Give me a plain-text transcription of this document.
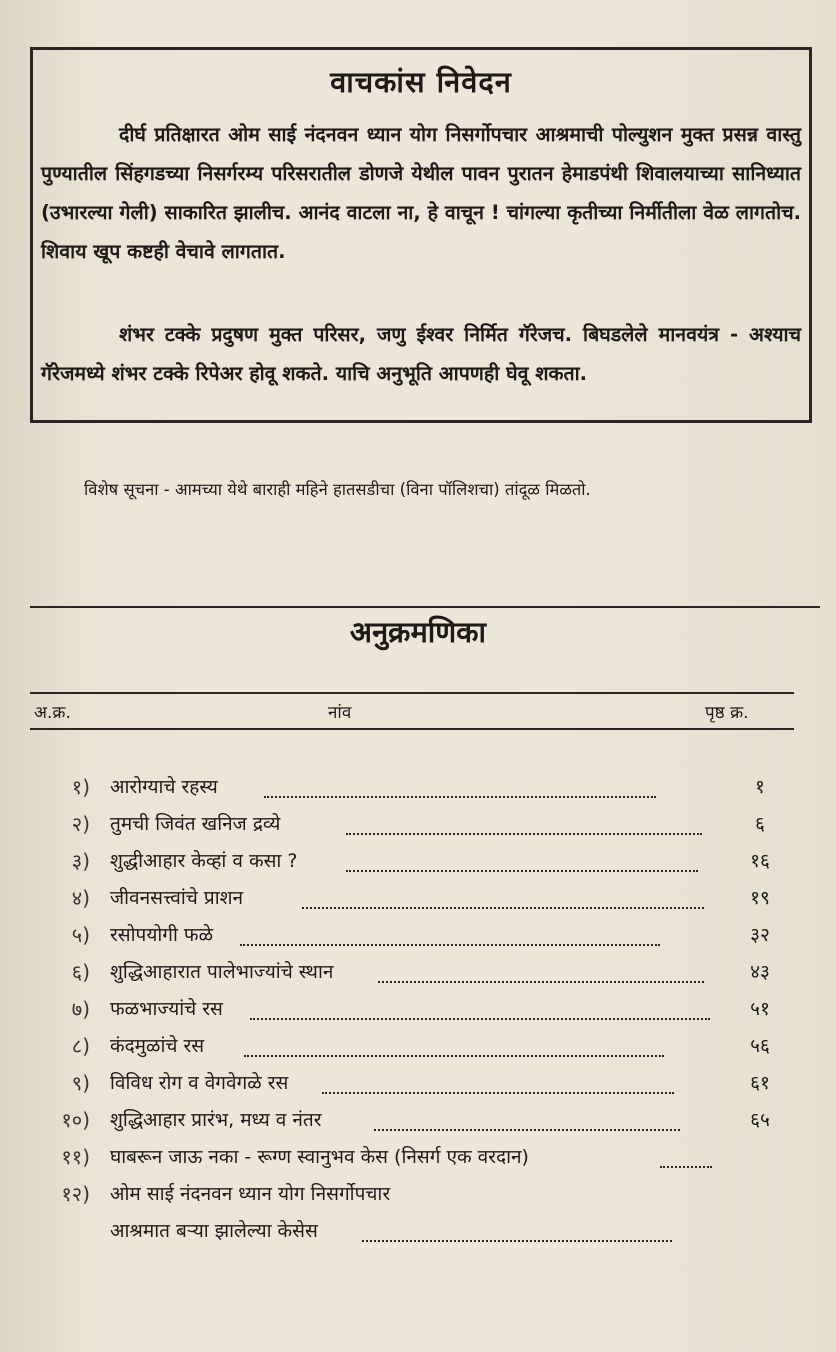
वाचकांस निवेदन
दीर्घ प्रतिक्षारत ओम साई नंदनवन ध्यान योग निसर्गोपचार आश्रमाची पोल्युशन मुक्त प्रसन्न वास्तु पुण्यातील सिंहगडच्या निसर्गरम्य परिसरातील डोणजे येथील पावन पुरातन हेमाडपंथी शिवालयाच्या सानिध्यात (उभारल्या गेली) साकारित झालीच. आनंद वाटला ना, हे वाचून ! चांगल्या कृतीच्या निर्मीतीला वेळ लागतोच. शिवाय खूप कष्टही वेचावे लागतात.
शंभर टक्के प्रदुषण मुक्त परिसर, जणु ईश्वर निर्मित गॅरेजच. बिघडलेले मानवयंत्र - अश्याच गॅरेजमध्ये शंभर टक्के रिपेअर होवू शकते. याचि अनुभूति आपणही घेवू शकता.
विशेष सूचना - आमच्या येथे बाराही महिने हातसडीचा (विना पॉलिशचा) तांदूळ मिळतो.
अनुक्रमणिका
अ.क्र.	नांव	पृष्ठ क्र.
१) आरोग्याचे रहस्य	१
२) तुमची जिवंत खनिज द्रव्ये	६
३) शुद्धीआहार केव्हां व कसा ?	१६
४) जीवनसत्त्वांचे प्राशन	१९
५) रसोपयोगी फळे	३२
६) शुद्धिआहारात पालेभाज्यांचे स्थान	४३
७) फळभाज्यांचे रस	५१
८) कंदमुळांचे रस	५६
९) विविध रोग व वेगवेगळे रस	६१
१०) शुद्धिआहार प्रारंभ, मध्य व नंतर	६५
११) घाबरून जाऊ नका - रूग्ण स्वानुभव केस (निसर्ग एक वरदान)
१२) ओम साई नंदनवन ध्यान योग निसर्गोपचार
आश्रमात बऱ्या झालेल्या केसेस
